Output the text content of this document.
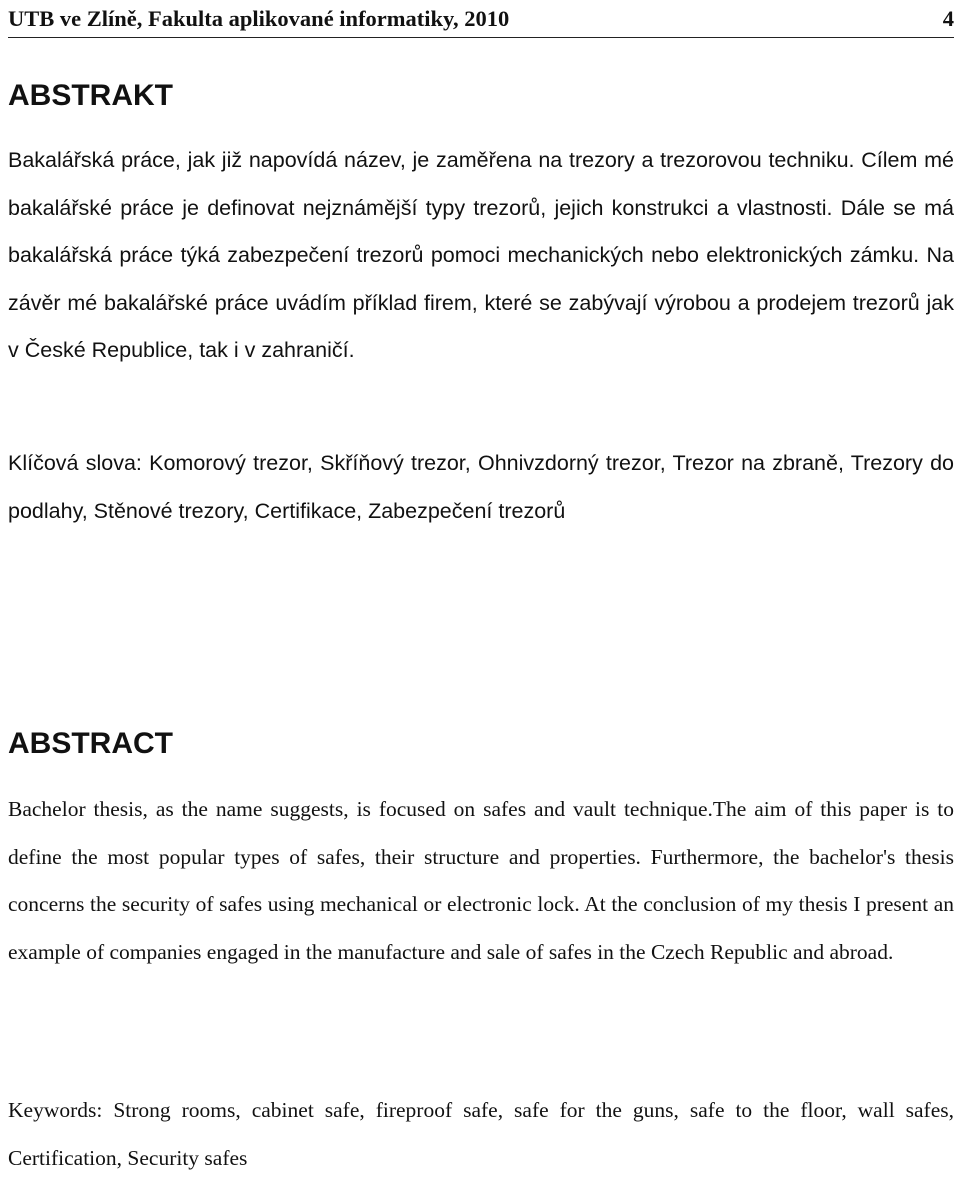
UTB ve Zlíně, Fakulta aplikované informatiky, 2010	4
ABSTRAKT
Bakalářská práce, jak již napovídá název, je zaměřena na trezory a trezorovou techniku. Cílem mé bakalářské práce je definovat nejznámější typy trezorů, jejich konstrukci a vlastnosti. Dále se má bakalářská práce týká zabezpečení trezorů pomoci mechanických nebo elektronických zámku. Na závěr mé bakalářské práce uvádím příklad firem, které se zabývají výrobou a prodejem trezorů jak v České Republice, tak i v zahraničí.
Klíčová slova: Komorový trezor, Skříňový trezor, Ohnivzdorný trezor, Trezor na zbraně, Trezory do podlahy, Stěnové trezory, Certifikace, Zabezpečení trezorů
ABSTRACT
Bachelor thesis, as the name suggests, is focused on safes and vault technique.The aim of this paper is to define the most popular types of safes, their structure and properties. Furthermore, the bachelor's thesis concerns the security of safes using mechanical or electronic lock. At the conclusion of my thesis I present an example of companies engaged in the manufacture and sale of safes in the Czech Republic and abroad.
Keywords: Strong rooms, cabinet safe, fireproof safe, safe for the guns, safe to the floor, wall safes, Certification, Security safes
